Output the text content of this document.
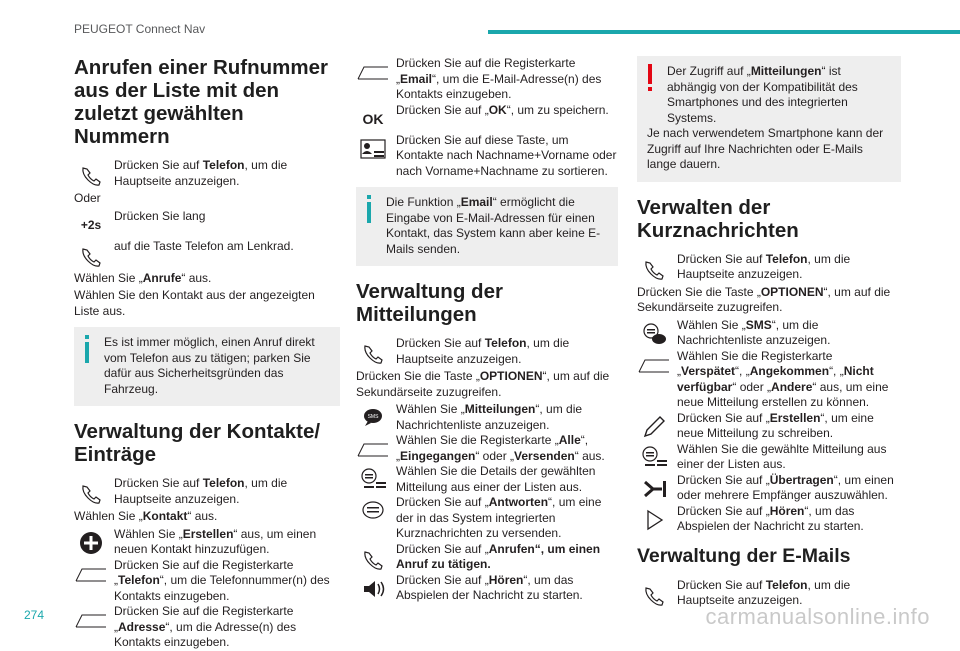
PEUGEOT Connect Nav
Anrufen einer Rufnummer aus der Liste mit den zuletzt gewählten Nummern
Drücken Sie auf Telefon, um die Hauptseite anzuzeigen.
Oder
+2s
Drücken Sie lang
auf die Taste Telefon am Lenkrad.
Wählen Sie „Anrufe“ aus.
Wählen Sie den Kontakt aus der angezeigten Liste aus.
Es ist immer möglich, einen Anruf direkt vom Telefon aus zu tätigen; parken Sie dafür aus Sicherheitsgründen das Fahrzeug.
Verwaltung der Kontakte/ Einträge
Drücken Sie auf Telefon, um die Hauptseite anzuzeigen.
Wählen Sie „Kontakt“ aus.
Wählen Sie „Erstellen“ aus, um einen neuen Kontakt hinzuzufügen.
Drücken Sie auf die Registerkarte „Telefon“, um die Telefonnummer(n) des Kontakts einzugeben.
Drücken Sie auf die Registerkarte „Adresse“, um die Adresse(n) des Kontakts einzugeben.
Drücken Sie auf die Registerkarte „Email“, um die E-Mail-Adresse(n) des Kontakts einzugeben.
OK
Drücken Sie auf „OK“, um zu speichern.
Drücken Sie auf diese Taste, um Kontakte nach Nachname+Vorname oder nach Vorname+Nachname zu sortieren.
Die Funktion „Email“ ermöglicht die Eingabe von E-Mail-Adressen für einen Kontakt, das System kann aber keine E-Mails senden.
Verwaltung der Mitteilungen
Drücken Sie auf Telefon, um die Hauptseite anzuzeigen.
Drücken Sie die Taste „OPTIONEN“, um auf die Sekundärseite zuzugreifen.
SMS
Wählen Sie „Mitteilungen“, um die Nachrichtenliste anzuzeigen.
Wählen Sie die Registerkarte „Alle“, „Eingegangen“ oder „Versenden“ aus.
Wählen Sie die Details der gewählten Mitteilung aus einer der Listen aus.
Drücken Sie auf „Antworten“, um eine der in das System integrierten Kurznachrichten zu versenden.
Drücken Sie auf „Anrufen“, um einen Anruf zu tätigen.
Drücken Sie auf „Hören“, um das Abspielen der Nachricht zu starten.
Der Zugriff auf „Mitteilungen“ ist abhängig von der Kompatibilität des Smartphones und des integrierten Systems.
Je nach verwendetem Smartphone kann der Zugriff auf Ihre Nachrichten oder E-Mails lange dauern.
Verwalten der Kurznachrichten
Drücken Sie auf Telefon, um die Hauptseite anzuzeigen.
Drücken Sie die Taste „OPTIONEN“, um auf die Sekundärseite zuzugreifen.
Wählen Sie „SMS“, um die Nachrichtenliste anzuzeigen.
Wählen Sie die Registerkarte „Verspätet“, „Angekommen“, „Nicht verfügbar“ oder „Andere“ aus, um eine neue Mitteilung erstellen zu können.
Drücken Sie auf „Erstellen“, um eine neue Mitteilung zu schreiben.
Wählen Sie die gewählte Mitteilung aus einer der Listen aus.
Drücken Sie auf „Übertragen“, um einen oder mehrere Empfänger auszuwählen.
Drücken Sie auf „Hören“, um das Abspielen der Nachricht zu starten.
Verwaltung der E-Mails
Drücken Sie auf Telefon, um die Hauptseite anzuzeigen.
274	carmanualsonline.info
